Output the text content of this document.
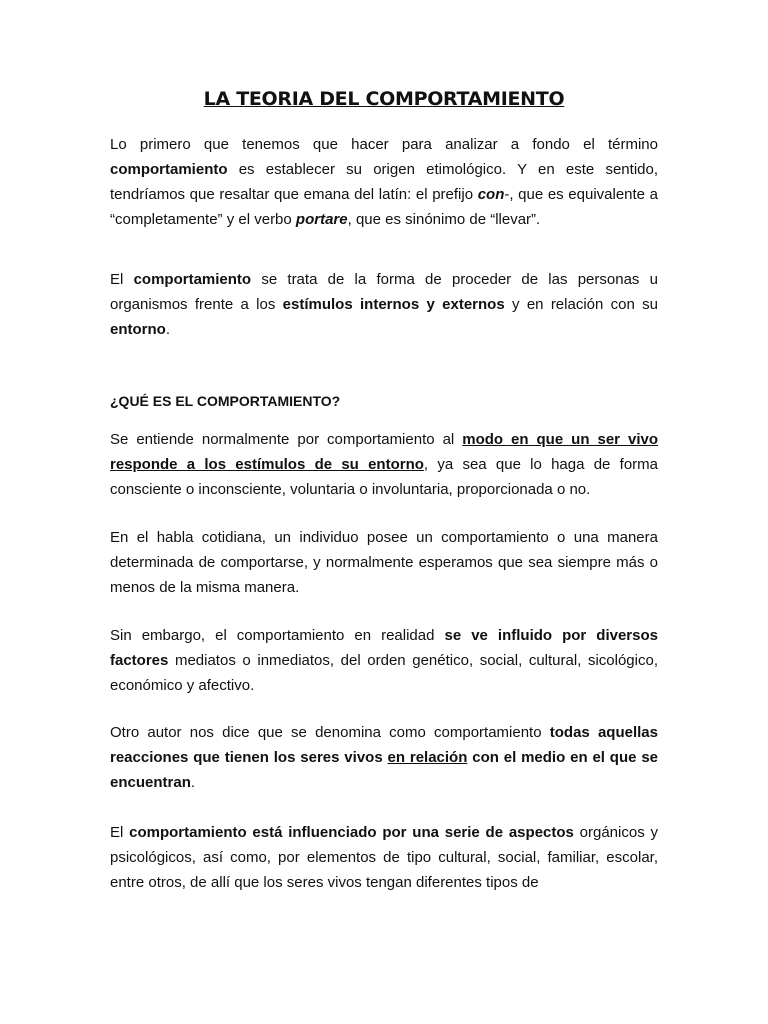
LA TEORIA DEL COMPORTAMIENTO

Lo primero que tenemos que hacer para analizar a fondo el término comportamiento es establecer su origen etimológico. Y en este sentido, tendríamos que resaltar que emana del latín: el prefijo con-, que es equivalente a “completamente” y el verbo portare, que es sinónimo de “llevar”.

El comportamiento se trata de la forma de proceder de las personas u organismos frente a los estímulos internos y externos y en relación con su entorno.

¿QUÉ ES EL COMPORTAMIENTO?

Se entiende normalmente por comportamiento al modo en que un ser vivo responde a los estímulos de su entorno, ya sea que lo haga de forma consciente o inconsciente, voluntaria o involuntaria, proporcionada o no.

En el habla cotidiana, un individuo posee un comportamiento o una manera determinada de comportarse, y normalmente esperamos que sea siempre más o menos de la misma manera.

Sin embargo, el comportamiento en realidad se ve influido por diversos factores mediatos o inmediatos, del orden genético, social, cultural, sicológico, económico y afectivo.

Otro autor nos dice que se denomina como comportamiento todas aquellas reacciones que tienen los seres vivos en relación con el medio en el que se encuentran.

El comportamiento está influenciado por una serie de aspectos orgánicos y psicológicos, así como, por elementos de tipo cultural, social, familiar, escolar, entre otros, de allí que los seres vivos tengan diferentes tipos de
